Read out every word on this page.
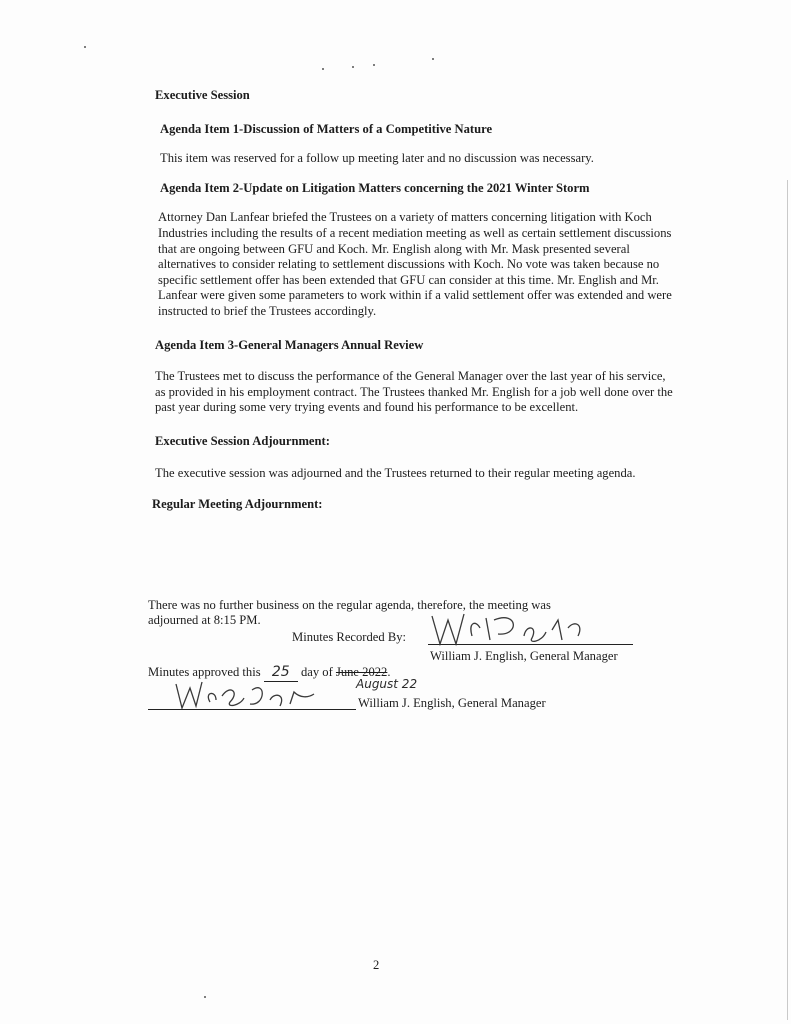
Executive Session

Agenda Item 1-Discussion of Matters of a Competitive Nature

This item was reserved for a follow up meeting later and no discussion was necessary.

Agenda Item 2-Update on Litigation Matters concerning the 2021 Winter Storm

Attorney Dan Lanfear briefed the Trustees on a variety of matters concerning litigation with Koch Industries including the results of a recent mediation meeting as well as certain settlement discussions that are ongoing between GFU and Koch. Mr. English along with Mr. Mask presented several alternatives to consider relating to settlement discussions with Koch. No vote was taken because no specific settlement offer has been extended that GFU can consider at this time. Mr. English and Mr. Lanfear were given some parameters to work within if a valid settlement offer was extended and were instructed to brief the Trustees accordingly.

Agenda Item 3-General Managers Annual Review

The Trustees met to discuss the performance of the General Manager over the last year of his service, as provided in his employment contract. The Trustees thanked Mr. English for a job well done over the past year during some very trying events and found his performance to be excellent.

Executive Session Adjournment:

The executive session was adjourned and the Trustees returned to their regular meeting agenda.

Regular Meeting Adjournment:

There was no further business on the regular agenda, therefore, the meeting was
adjourned at 8:15 PM.
Minutes Recorded By:
William J. English, General Manager
Minutes approved this 25 day of June 2022.
August 22
William J. English, General Manager
2
